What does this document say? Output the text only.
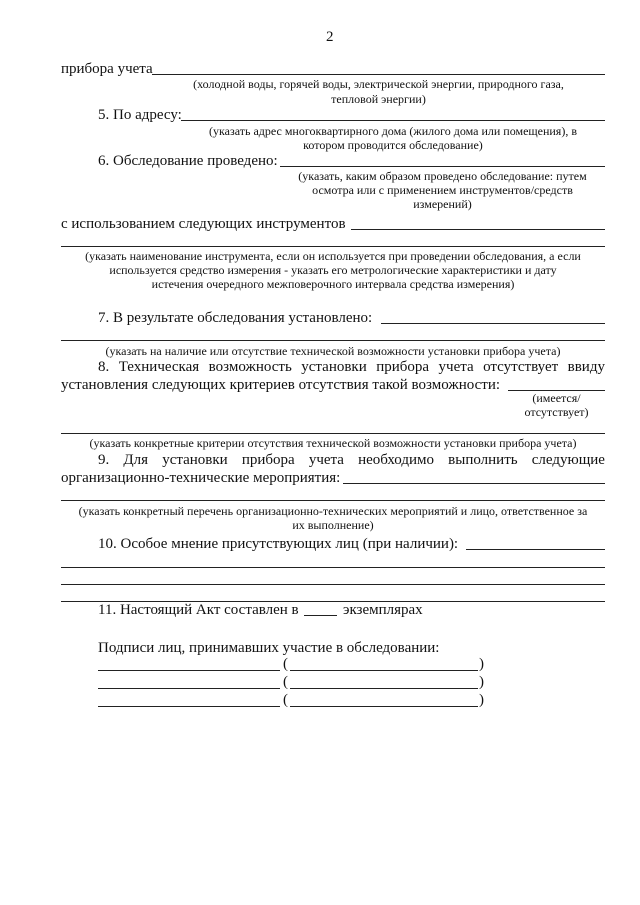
2
прибора учета
(холодной воды, горячей воды, электрической энергии, природного газа,
тепловой энергии)
5. По адресу:
(указать адрес многоквартирного дома (жилого дома или помещения), в
котором проводится обследование)
6. Обследование проведено:
(указать, каким образом проведено обследование: путем
осмотра или с применением инструментов/средств
измерений)
с использованием следующих инструментов
(указать наименование инструмента, если он используется при проведении обследования, а если
используется средство измерения - указать его метрологические характеристики и дату
истечения очередного межповерочного интервала средства измерения)
7. В результате обследования установлено:
(указать на наличие или отсутствие технической возможности установки прибора учета)
8. Техническая возможность установки прибора учета отсутствует ввиду
установления следующих критериев отсутствия такой возможности:
(имеется/
отсутствует)
(указать конкретные критерии отсутствия технической возможности установки прибора учета)
9. Для установки прибора учета необходимо выполнить следующие
организационно-технические мероприятия:
(указать конкретный перечень организационно-технических мероприятий и лицо, ответственное за
их выполнение)
10. Особое мнение присутствующих лиц (при наличии):
11. Настоящий Акт составлен в	экземплярах
Подписи лиц, принимавших участие в обследовании:
(	)
(	)
(	)
